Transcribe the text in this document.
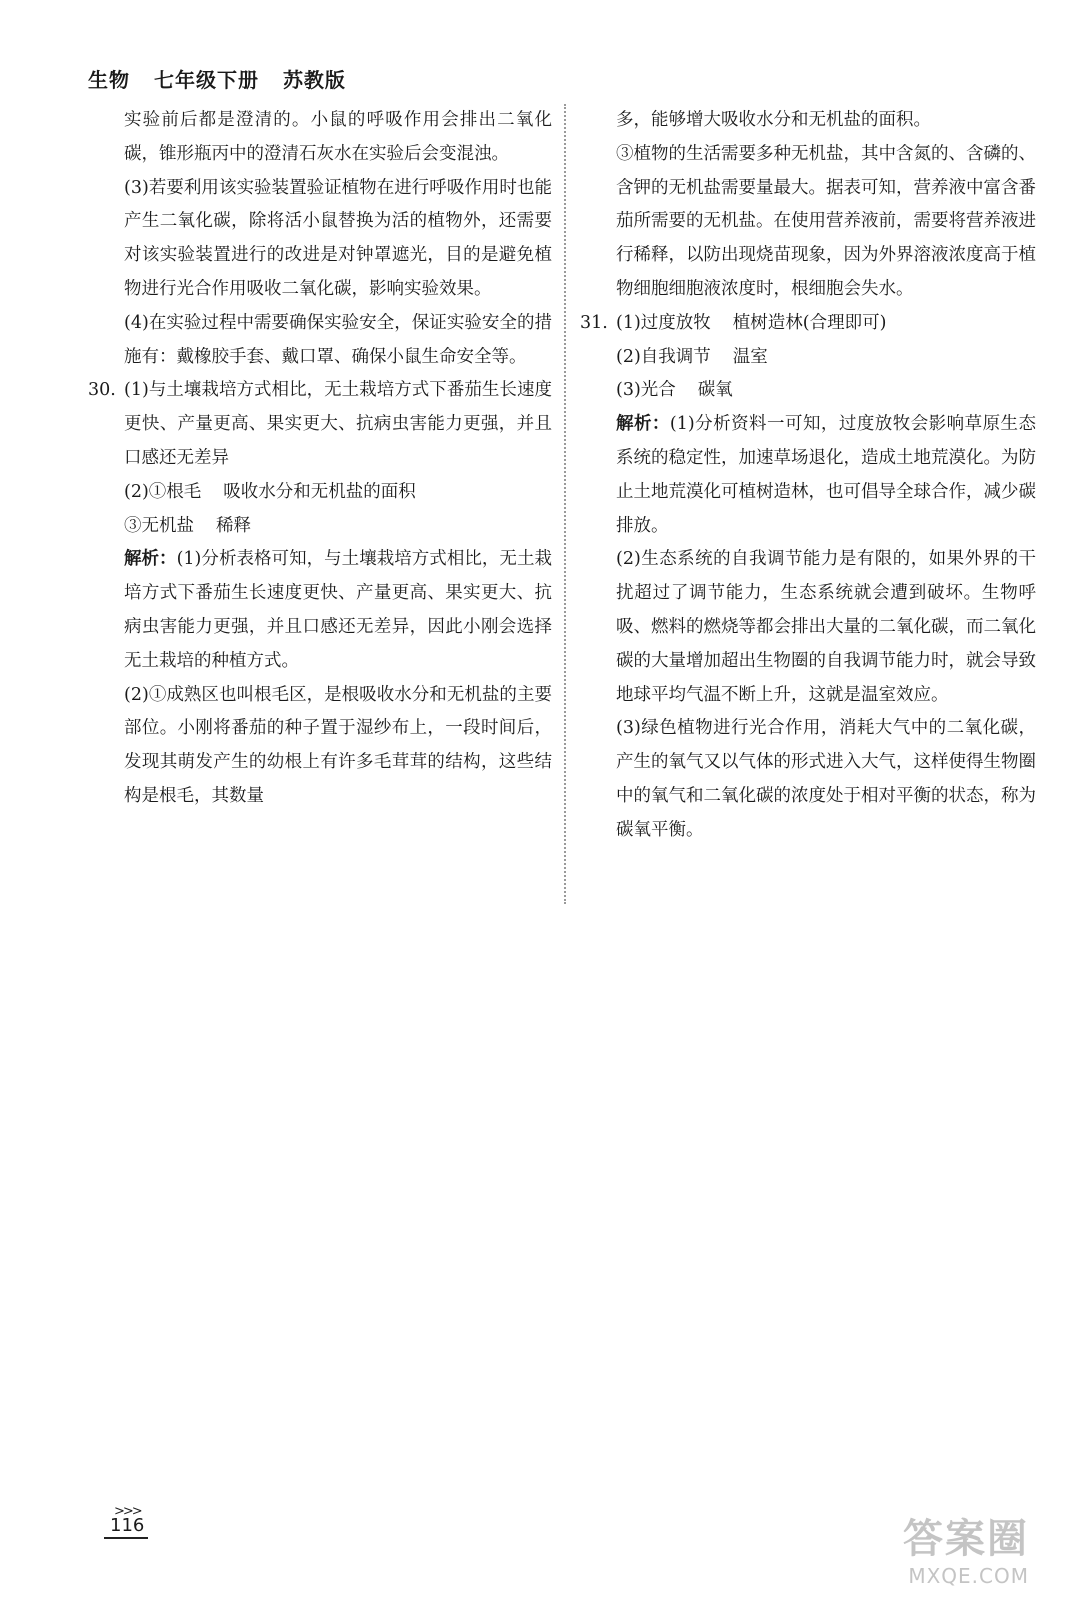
生物 七年级下册 苏教版
实验前后都是澄清的。小鼠的呼吸作用会排出二氧化碳，锥形瓶丙中的澄清石灰水在实验后会变混浊。
(3)若要利用该实验装置验证植物在进行呼吸作用时也能产生二氧化碳，除将活小鼠替换为活的植物外，还需要对该实验装置进行的改进是对钟罩遮光，目的是避免植物进行光合作用吸收二氧化碳，影响实验效果。
(4)在实验过程中需要确保实验安全，保证实验安全的措施有：戴橡胶手套、戴口罩、确保小鼠生命安全等。
30. (1)与土壤栽培方式相比，无土栽培方式下番茄生长速度更快、产量更高、果实更大、抗病虫害能力更强，并且口感还无差异
(2)①根毛 吸收水分和无机盐的面积
③无机盐 稀释
解析：(1)分析表格可知，与土壤栽培方式相比，无土栽培方式下番茄生长速度更快、产量更高、果实更大、抗病虫害能力更强，并且口感还无差异，因此小刚会选择无土栽培的种植方式。
(2)①成熟区也叫根毛区，是根吸收水分和无机盐的主要部位。小刚将番茄的种子置于湿纱布上，一段时间后，发现其萌发产生的幼根上有许多毛茸茸的结构，这些结构是根毛，其数量
多，能够增大吸收水分和无机盐的面积。
③植物的生活需要多种无机盐，其中含氮的、含磷的、含钾的无机盐需要量最大。据表可知，营养液中富含番茄所需要的无机盐。在使用营养液前，需要将营养液进行稀释，以防出现烧苗现象，因为外界溶液浓度高于植物细胞细胞液浓度时，根细胞会失水。
31. (1)过度放牧 植树造林(合理即可)
(2)自我调节 温室
(3)光合 碳氧
解析：(1)分析资料一可知，过度放牧会影响草原生态系统的稳定性，加速草场退化，造成土地荒漠化。为防止土地荒漠化可植树造林，也可倡导全球合作，减少碳排放。
(2)生态系统的自我调节能力是有限的，如果外界的干扰超过了调节能力，生态系统就会遭到破坏。生物呼吸、燃料的燃烧等都会排出大量的二氧化碳，而二氧化碳的大量增加超出生物圈的自我调节能力时，就会导致地球平均气温不断上升，这就是温室效应。
(3)绿色植物进行光合作用，消耗大气中的二氧化碳，产生的氧气又以气体的形式进入大气，这样使得生物圈中的氧气和二氧化碳的浓度处于相对平衡的状态，称为碳氧平衡。
>>>
116	答案圈
MXQE.COM
